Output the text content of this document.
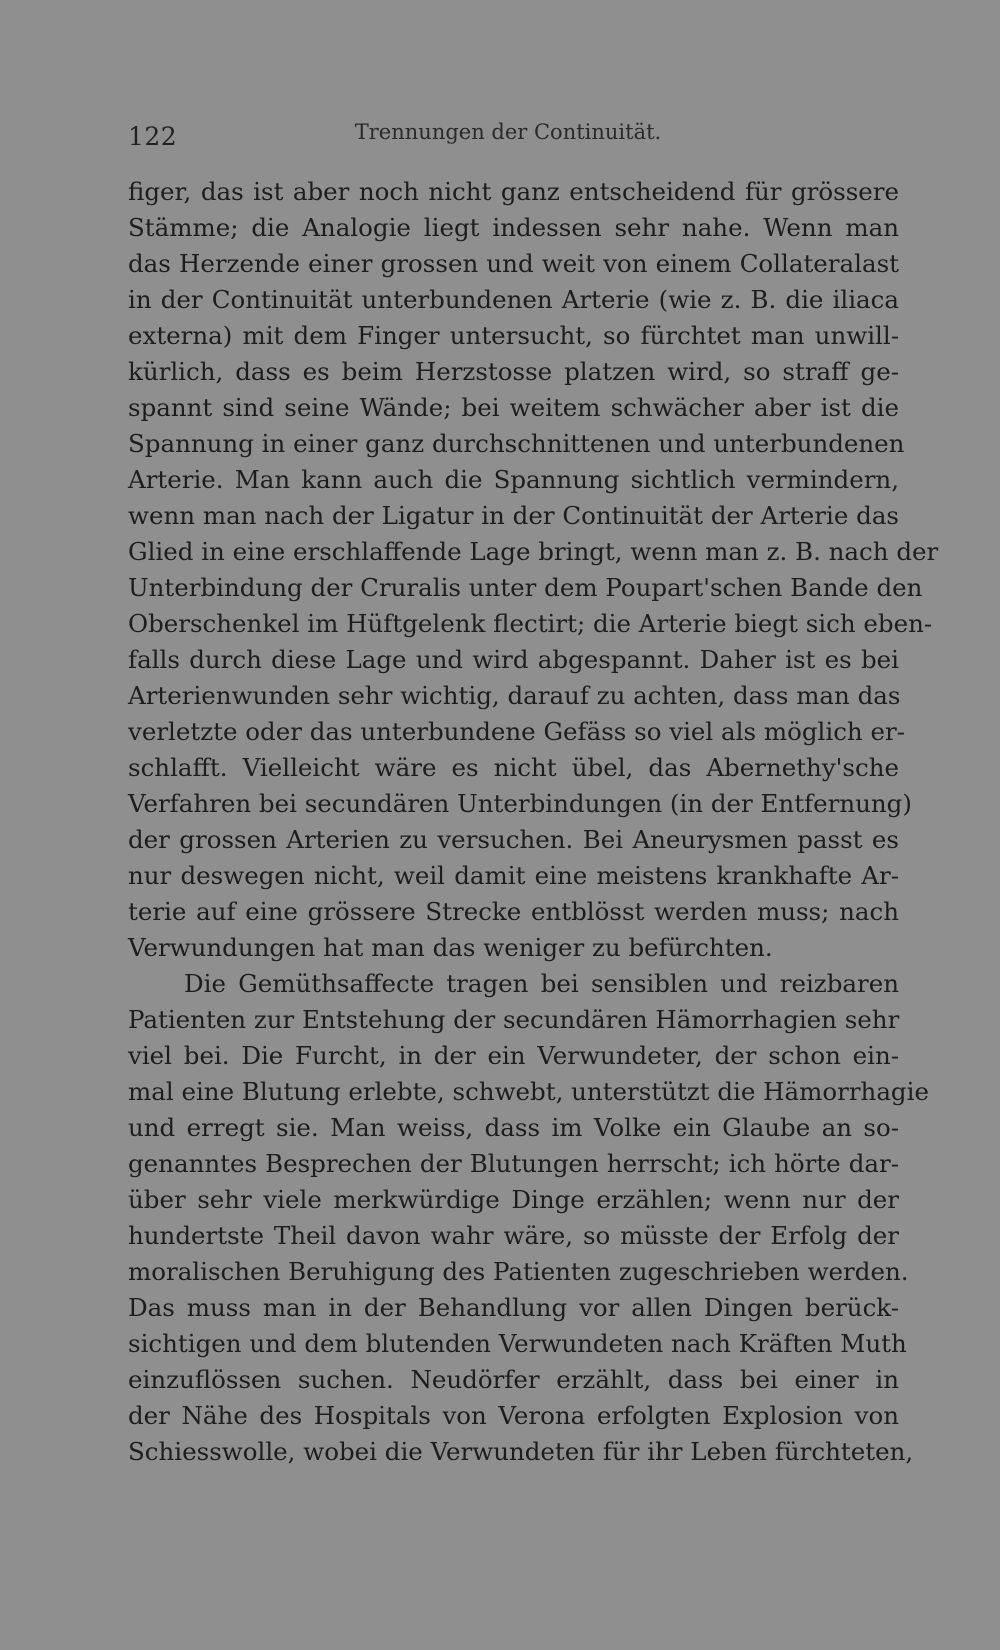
122	Trennungen der Continuität.
figer, das ist aber noch nicht ganz entscheidend für grössere
Stämme; die Analogie liegt indessen sehr nahe. Wenn man
das Herzende einer grossen und weit von einem Collateralast
in der Continuität unterbundenen Arterie (wie z. B. die iliaca
externa) mit dem Finger untersucht, so fürchtet man unwill-
kürlich, dass es beim Herzstosse platzen wird, so straff ge-
spannt sind seine Wände; bei weitem schwächer aber ist die
Spannung in einer ganz durchschnittenen und unterbundenen
Arterie. Man kann auch die Spannung sichtlich vermindern,
wenn man nach der Ligatur in der Continuität der Arterie das
Glied in eine erschlaffende Lage bringt, wenn man z. B. nach der
Unterbindung der Cruralis unter dem Poupart'schen Bande den
Oberschenkel im Hüftgelenk flectirt; die Arterie biegt sich eben-
falls durch diese Lage und wird abgespannt. Daher ist es bei
Arterienwunden sehr wichtig, darauf zu achten, dass man das
verletzte oder das unterbundene Gefäss so viel als möglich er-
schlafft. Vielleicht wäre es nicht übel, das Abernethy'sche
Verfahren bei secundären Unterbindungen (in der Entfernung)
der grossen Arterien zu versuchen. Bei Aneurysmen passt es
nur deswegen nicht, weil damit eine meistens krankhafte Ar-
terie auf eine grössere Strecke entblösst werden muss; nach
Verwundungen hat man das weniger zu befürchten.
Die Gemüthsaffecte tragen bei sensiblen und reizbaren
Patienten zur Entstehung der secundären Hämorrhagien sehr
viel bei. Die Furcht, in der ein Verwundeter, der schon ein-
mal eine Blutung erlebte, schwebt, unterstützt die Hämorrhagie
und erregt sie. Man weiss, dass im Volke ein Glaube an so-
genanntes Besprechen der Blutungen herrscht; ich hörte dar-
über sehr viele merkwürdige Dinge erzählen; wenn nur der
hundertste Theil davon wahr wäre, so müsste der Erfolg der
moralischen Beruhigung des Patienten zugeschrieben werden.
Das muss man in der Behandlung vor allen Dingen berück-
sichtigen und dem blutenden Verwundeten nach Kräften Muth
einzuflössen suchen. Neudörfer erzählt, dass bei einer in
der Nähe des Hospitals von Verona erfolgten Explosion von
Schiesswolle, wobei die Verwundeten für ihr Leben fürchteten,
